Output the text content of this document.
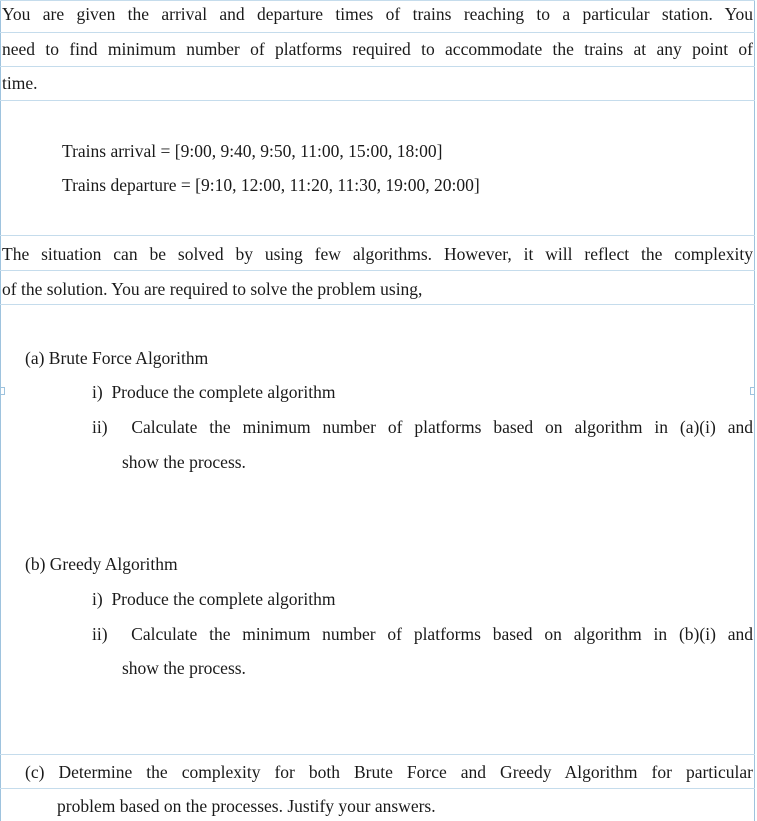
You are given the arrival and departure times of trains reaching to a particular station. You
need to find minimum number of platforms required to accommodate the trains at any point of
time.
Trains arrival = [9:00, 9:40, 9:50, 11:00, 15:00, 18:00]
Trains departure = [9:10, 12:00, 11:20, 11:30, 19:00, 20:00]
The situation can be solved by using few algorithms. However, it will reflect the complexity
of the solution. You are required to solve the problem using,
(a) Brute Force Algorithm
i)  Produce the complete algorithm
ii)  Calculate the minimum number of platforms based on algorithm in (a)(i) and
show the process.
(b) Greedy Algorithm
i)  Produce the complete algorithm
ii)  Calculate the minimum number of platforms based on algorithm in (b)(i) and
show the process.
(c) Determine the complexity for both Brute Force and Greedy Algorithm for particular
problem based on the processes. Justify your answers.
